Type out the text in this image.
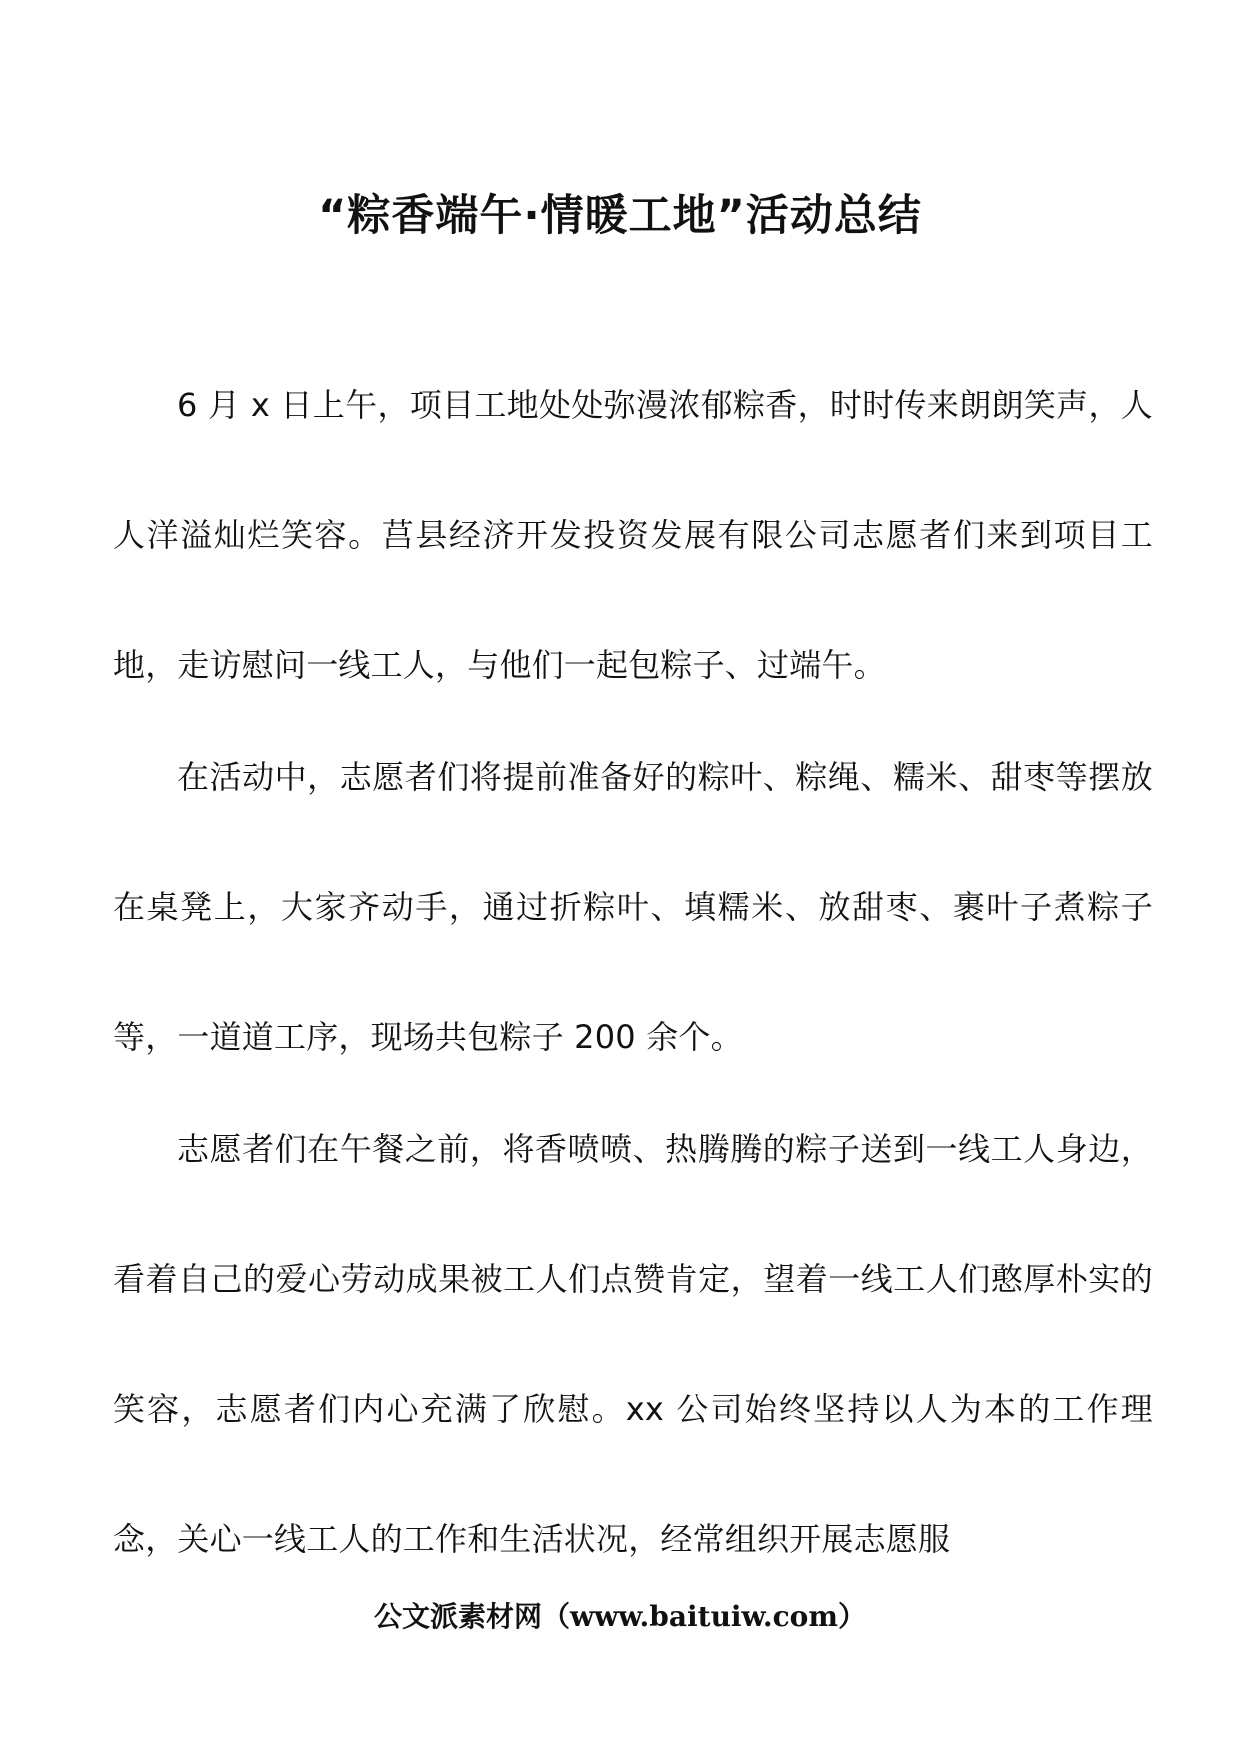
“粽香端午·情暖工地”活动总结

6 月 x 日上午，项目工地处处弥漫浓郁粽香，时时传来朗朗笑声，人人洋溢灿烂笑容。莒县经济开发投资发展有限公司志愿者们来到项目工地，走访慰问一线工人，与他们一起包粽子、过端午。

在活动中，志愿者们将提前准备好的粽叶、粽绳、糯米、甜枣等摆放在桌凳上，大家齐动手，通过折粽叶、填糯米、放甜枣、裹叶子煮粽子等，一道道工序，现场共包粽子 200 余个。

志愿者们在午餐之前，将香喷喷、热腾腾的粽子送到一线工人身边，看着自己的爱心劳动成果被工人们点赞肯定，望着一线工人们憨厚朴实的笑容，志愿者们内心充满了欣慰。xx 公司始终坚持以人为本的工作理念，关心一线工人的工作和生活状况，经常组织开展志愿服

公文派素材网（www.baituiw.com）
